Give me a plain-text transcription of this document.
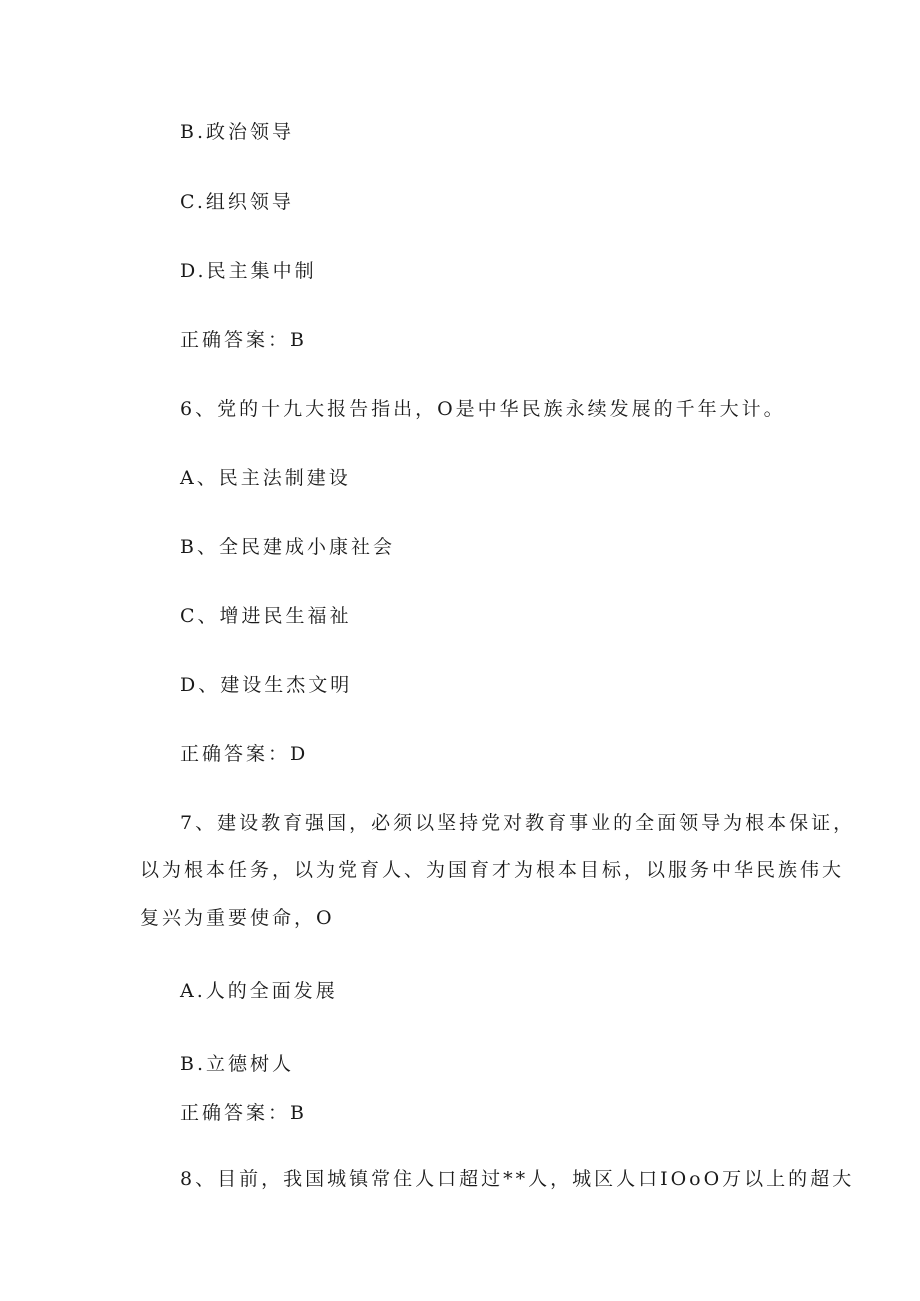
B.政治领导
C.组织领导
D.民主集中制
正确答案：B
6、党的十九大报告指出，O是中华民族永续发展的千年大计。
A、民主法制建设
B、全民建成小康社会
C、增进民生福祉
D、建设生杰文明
正确答案：D
7、建设教育强国，必须以坚持党对教育事业的全面领导为根本保证，
以为根本任务，以为党育人、为国育才为根本目标，以服务中华民族伟大
复兴为重要使命，O
A.人的全面发展
B.立德树人
正确答案：B
8、目前，我国城镇常住人口超过**人，城区人口IOoO万以上的超大
